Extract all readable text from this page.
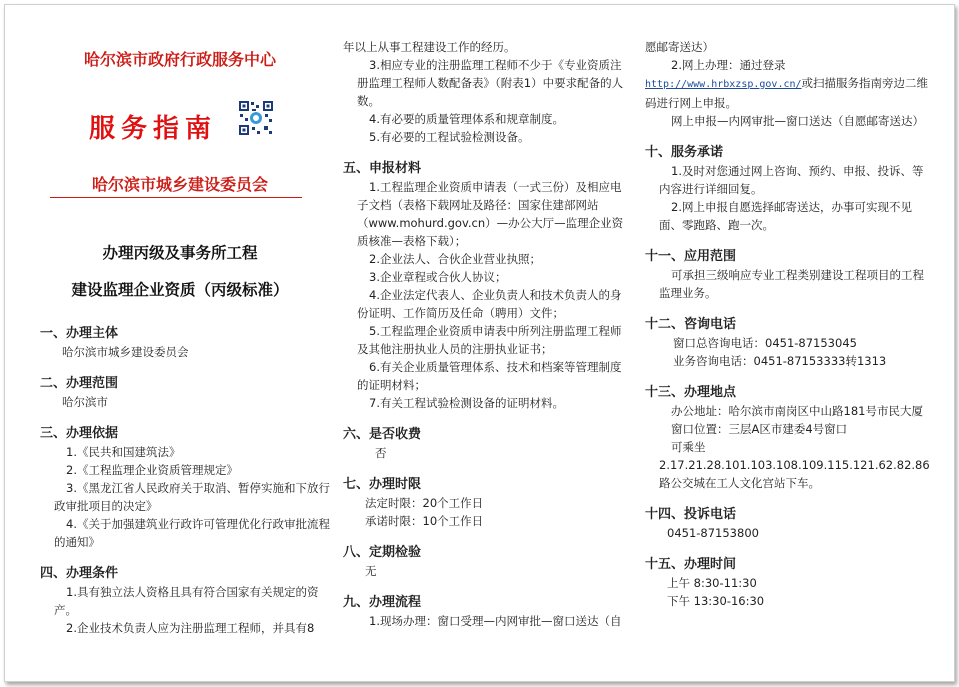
哈尔滨市政府行政服务中心
服务指南
哈尔滨市城乡建设委员会
办理丙级及事务所工程
建设监理企业资质（丙级标准）
一、办理主体

哈尔滨市城乡建设委员会

二、办理范围

哈尔滨市

三、办理依据

1.《民共和国建筑法》

2.《工程监理企业资质管理规定》

3.《黑龙江省人民政府关于取消、暂停实施和下放行政审批项目的决定》

4.《关于加强建筑业行政许可管理优化行政审批流程的通知》

四、办理条件

1.具有独立法人资格且具有符合国家有关规定的资产。

2.企业技术负责人应为注册监理工程师，并具有8

年以上从事工程建设工作的经历。

3.相应专业的注册监理工程师不少于《专业资质注册监理工程师人数配备表》（附表1）中要求配备的人数。

4.有必要的质量管理体系和规章制度。

5.有必要的工程试验检测设备。

五、申报材料

1.工程监理企业资质申请表（一式三份）及相应电子文档（表格下载网址及路径：国家住建部网站（www.mohurd.gov.cn）—办公大厅—监理企业资质核准—表格下载）；

2.企业法人、合伙企业营业执照；

3.企业章程或合伙人协议；

4.企业法定代表人、企业负责人和技术负责人的身份证明、工作简历及任命（聘用）文件；

5.工程监理企业资质申请表中所列注册监理工程师及其他注册执业人员的注册执业证书；

6.有关企业质量管理体系、技术和档案等管理制度的证明材料；

7.有关工程试验检测设备的证明材料。

六、是否收费

否

七、办理时限

法定时限：20个工作日

承诺时限：10个工作日

八、定期检验

无

九、办理流程

1.现场办理：窗口受理—内网审批—窗口送达（自

愿邮寄送达）

2.网上办理：通过登录

http://www.hrbxzsp.gov.cn/或扫描服务指南旁边二维码进行网上申报。

网上申报—内网审批—窗口送达（自愿邮寄送达）

十、服务承诺

1.及时对您通过网上咨询、预约、申报、投诉、等内容进行详细回复。

2.网上申报自愿选择邮寄送达，办事可实现不见面、零跑路、跑一次。

十一、应用范围

可承担三级响应专业工程类别建设工程项目的工程监理业务。

十二、咨询电话

窗口总咨询电话：0451-87153045

业务咨询电话：0451-87153333转1313

十三、办理地点

办公地址：哈尔滨市南岗区中山路181号市民大厦

窗口位置：三层A区市建委4号窗口

可乘坐2.17.21.28.101.103.108.109.115.121.62.82.86路公交城在工人文化宫站下车。

十四、投诉电话

0451-87153800

十五、办理时间

上午 8:30-11:30

下午 13:30-16:30
